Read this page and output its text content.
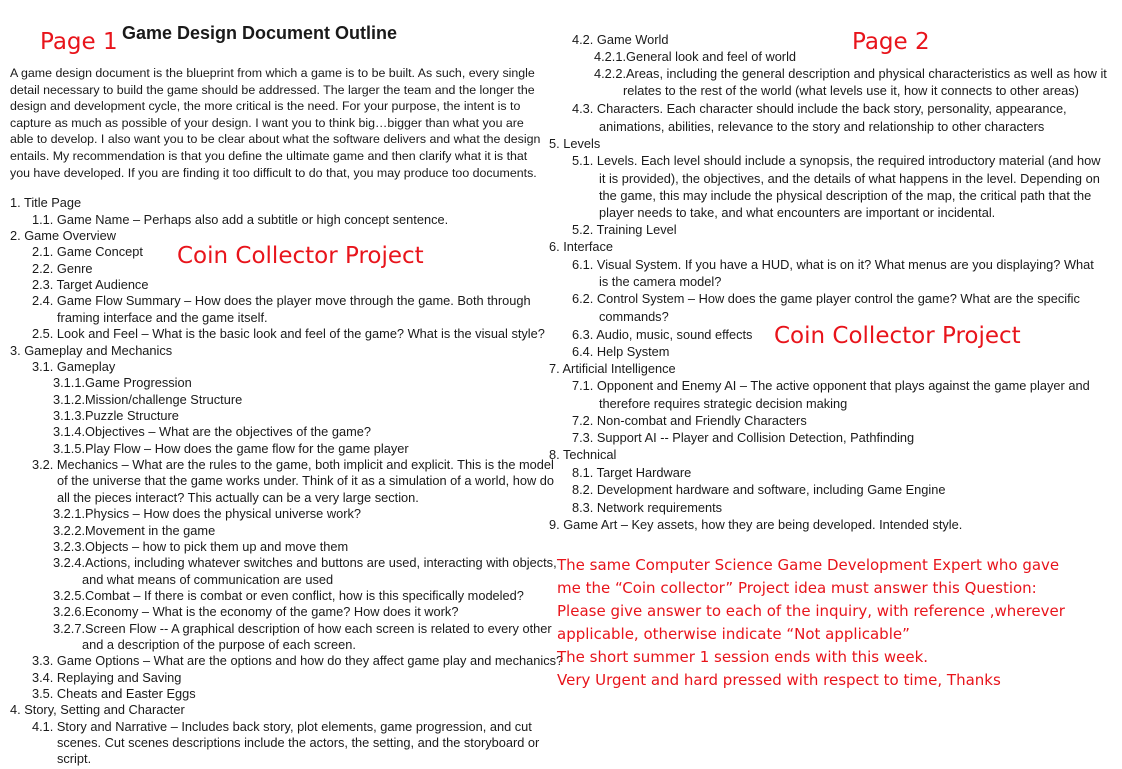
Page 1	Page 2
Coin Collector Project
Coin Collector Project
Game Design Document Outline
A game design document is the blueprint from which a game is to be built. As such, every single
detail necessary to build the game should be addressed. The larger the team and the longer the
design and development cycle, the more critical is the need. For your purpose, the intent is to
capture as much as possible of your design. I want you to think big…bigger than what you are
able to develop. I also want you to be clear about what the software delivers and what the design
entails. My recommendation is that you define the ultimate game and then clarify what it is that
you have developed. If you are finding it too difficult to do that, you may produce too documents.
1. Title Page
1.1. Game Name – Perhaps also add a subtitle or high concept sentence.
2. Game Overview
2.1. Game Concept
2.2. Genre
2.3. Target Audience
2.4. Game Flow Summary – How does the player move through the game. Both through
framing interface and the game itself.
2.5. Look and Feel – What is the basic look and feel of the game? What is the visual style?
3. Gameplay and Mechanics
3.1. Gameplay
3.1.1.Game Progression
3.1.2.Mission/challenge Structure
3.1.3.Puzzle Structure
3.1.4.Objectives – What are the objectives of the game?
3.1.5.Play Flow – How does the game flow for the game player
3.2. Mechanics – What are the rules to the game, both implicit and explicit. This is the model
of the universe that the game works under. Think of it as a simulation of a world, how do
all the pieces interact? This actually can be a very large section.
3.2.1.Physics – How does the physical universe work?
3.2.2.Movement in the game
3.2.3.Objects – how to pick them up and move them
3.2.4.Actions, including whatever switches and buttons are used, interacting with objects,
and what means of communication are used
3.2.5.Combat – If there is combat or even conflict, how is this specifically modeled?
3.2.6.Economy – What is the economy of the game? How does it work?
3.2.7.Screen Flow -- A graphical description of how each screen is related to every other
and a description of the purpose of each screen.
3.3. Game Options – What are the options and how do they affect game play and mechanics?
3.4. Replaying and Saving
3.5. Cheats and Easter Eggs
4. Story, Setting and Character
4.1. Story and Narrative – Includes back story, plot elements, game progression, and cut
scenes. Cut scenes descriptions include the actors, the setting, and the storyboard or
script.
4.2. Game World
4.2.1.General look and feel of world
4.2.2.Areas, including the general description and physical characteristics as well as how it
relates to the rest of the world (what levels use it, how it connects to other areas)
4.3. Characters. Each character should include the back story, personality, appearance,
animations, abilities, relevance to the story and relationship to other characters
5. Levels
5.1. Levels. Each level should include a synopsis, the required introductory material (and how
it is provided), the objectives, and the details of what happens in the level. Depending on
the game, this may include the physical description of the map, the critical path that the
player needs to take, and what encounters are important or incidental.
5.2. Training Level
6. Interface
6.1. Visual System. If you have a HUD, what is on it? What menus are you displaying? What
is the camera model?
6.2. Control System – How does the game player control the game? What are the specific
commands?
6.3. Audio, music, sound effects
6.4. Help System
7. Artificial Intelligence
7.1. Opponent and Enemy AI – The active opponent that plays against the game player and
therefore requires strategic decision making
7.2. Non-combat and Friendly Characters
7.3. Support AI -- Player and Collision Detection, Pathfinding
8. Technical
8.1. Target Hardware
8.2. Development hardware and software, including Game Engine
8.3. Network requirements
9. Game Art – Key assets, how they are being developed. Intended style.
The same Computer Science Game Development Expert who gave
me the “Coin collector” Project idea must answer this Question:
Please give answer to each of the inquiry, with reference ,wherever
applicable, otherwise indicate “Not applicable”
The short summer 1 session ends with this week.
Very Urgent and hard pressed with respect to time, Thanks
